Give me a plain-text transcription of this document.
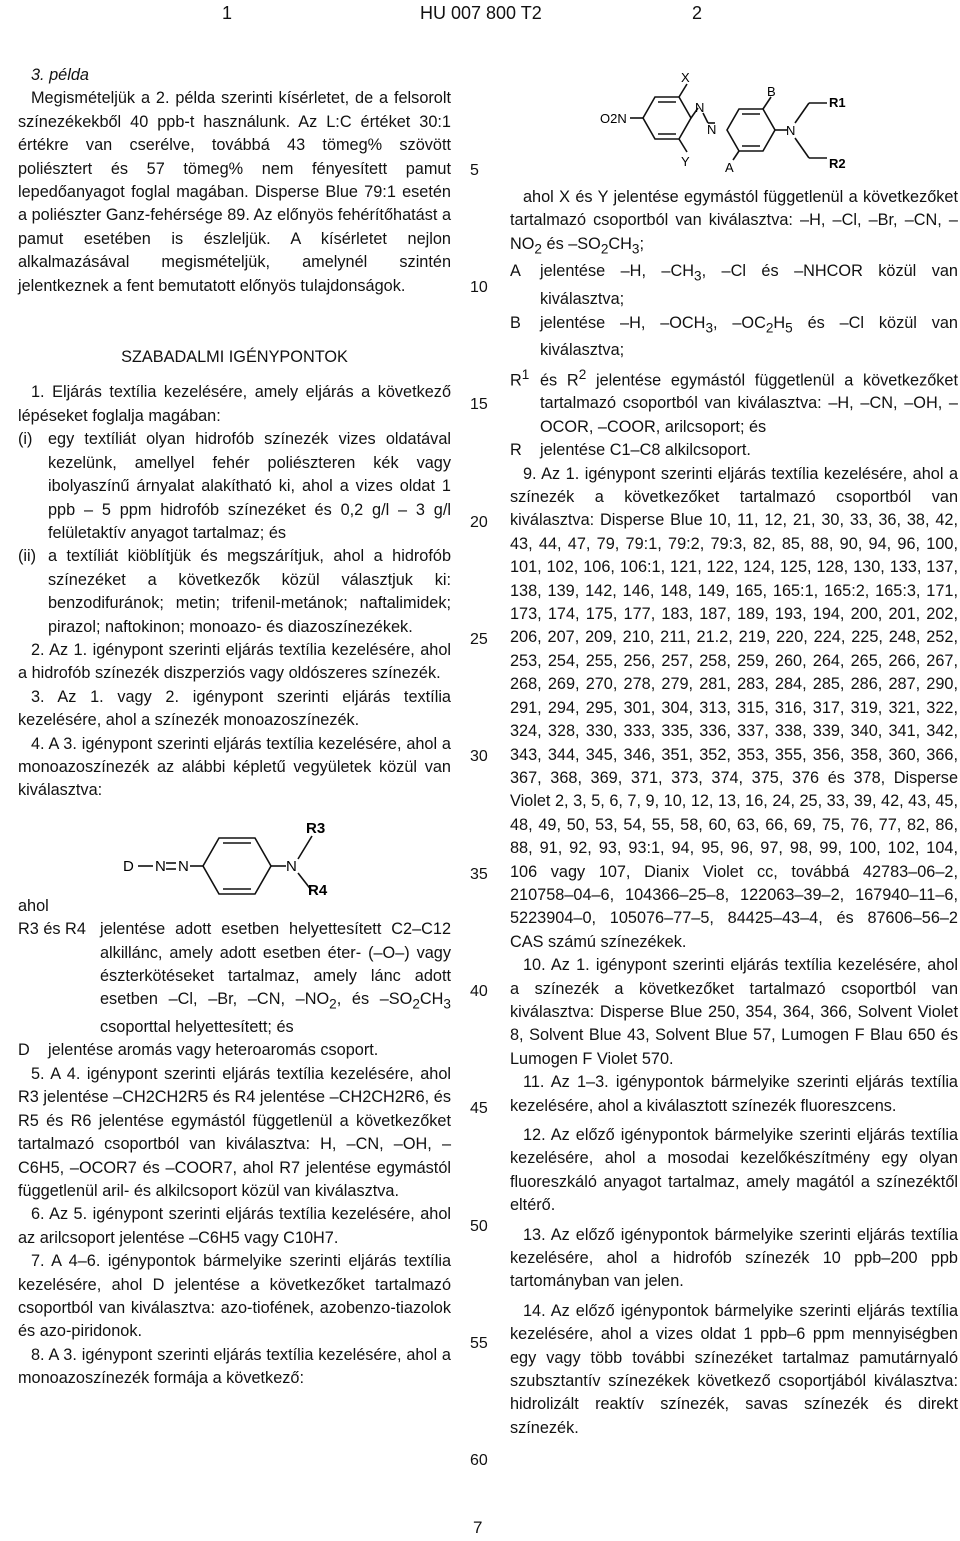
1	HU 007 800 T2	2

3. példa

Megismételjük a 2. példa szerinti kísérletet, de a felsorolt színezékekből 40 ppb-t használunk. Az L:C értéket 30:1 értékre van cserélve, továbbá 43 tömeg% szövött poliésztert és 57 tömeg% nem fényesített pamut lepedőanyagot foglal magában. Disperse Blue 79:1 esetén a poliészter Ganz-fehérsége 89. Az előnyös fehérítőhatást a pamut esetében is észleljük. A kísérletet nejlon alkalmazásával megismételjük, amelynél szintén jelentkeznek a fent bemutatott előnyös tulajdonságok.

SZABADALMI IGÉNYPONTOK

1. Eljárás textília kezelésére, amely eljárás a következő lépéseket foglalja magában:

(i) egy textíliát olyan hidrofób színezék vizes oldatával kezelünk, amellyel fehér poliészteren kék vagy ibolyaszínű árnyalat alakítható ki, ahol a vizes oldat 1 ppb – 5 ppm hidrofób színezéket és 0,2 g/l – 3 g/l felületaktív anyagot tartalmaz; és
(ii) a textíliát kiöblítjük és megszárítjuk, ahol a hidrofób színezéket a következők közül választjuk ki: benzodifuránok; metin; trifenil-metánok; naftalimidek; pirazol; naftokinon; monoazo- és diazoszínezékek.

2. Az 1. igénypont szerinti eljárás textília kezelésére, ahol a hidrofób színezék diszperziós vagy oldószeres színezék.

3. Az 1. vagy 2. igénypont szerinti eljárás textília kezelésére, ahol a színezék monoazoszínezék.

4. A 3. igénypont szerinti eljárás textília kezelésére, ahol a monoazoszínezék az alábbi képletű vegyületek közül van kiválasztva:

D N N	N
R3
R4

ahol

R3 és R4 jelentése adott esetben helyettesített C2–C12 alkillánc, amely adott esetben éter- (–O–) vagy észterkötéseket tartalmaz, amely lánc adott esetben –Cl, –Br, –CN, $-NO_2$, és $-SO_2CH_3$ csoporttal helyettesített; és
D	jelentése aromás vagy heteroaromás csoport.

5. A 4. igénypont szerinti eljárás textília kezelésére, ahol R3 jelentése –CH2CH2R5 és R4 jelentése –CH2CH2R6, és R5 és R6 jelentése egymástól függetlenül a következőket tartalmazó csoportból van kiválasztva: H, –CN, –OH, –C6H5, –OCOR7 és –COOR7, ahol R7 jelentése egymástól függetlenül aril- és alkilcsoport közül van kiválasztva.

6. Az 5. igénypont szerinti eljárás textília kezelésére, ahol az arilcsoport jelentése –C6H5 vagy C10H7.

7. A 4–6. igénypontok bármelyike szerinti eljárás textília kezelésére, ahol D jelentése a következőket tartalmazó csoportból van kiválasztva: azo-tiofének, azobenzo-tiazolok és azo-piridonok.

8. A 3. igénypont szerinti eljárás textília kezelésére, ahol a monoazoszínezék formája a következő:

5
10
15
20
25
30
35
40
45
50
55
60
O2N
X
Y
N
N
B
A
N
R1
R2

ahol X és Y jelentése egymástól függetlenül a következőket tartalmazó csoportból van kiválasztva: –H, –Cl, –Br, –CN, $-NO_2$ és $-SO_2CH_3$;

A	jelentése –H, $-CH_3$, –Cl és –NHCOR közül van kiválasztva;
B	jelentése –H, $-OCH_3$, $-OC_2H_5$ és –Cl közül van kiválasztva;
$R^1$ és $R^2$ jelentése egymástól függetlenül a következőket tartalmazó csoportból van kiválasztva: –H, –CN, –OH, –OCOR, –COOR, arilcsoport; és
R	jelentése C1–C8 alkilcsoport.

9. Az 1. igénypont szerinti eljárás textília kezelésére, ahol a színezék a következőket tartalmazó csoportból van kiválasztva: Disperse Blue 10, 11, 12, 21, 30, 33, 36, 38, 42, 43, 44, 47, 79, 79:1, 79:2, 79:3, 82, 85, 88, 90, 94, 96, 100, 101, 102, 106, 106:1, 121, 122, 124, 125, 128, 130, 133, 137, 138, 139, 142, 146, 148, 149, 165, 165:1, 165:2, 165:3, 171, 173, 174, 175, 177, 183, 187, 189, 193, 194, 200, 201, 202, 206, 207, 209, 210, 211, 21.2, 219, 220, 224, 225, 248, 252, 253, 254, 255, 256, 257, 258, 259, 260, 264, 265, 266, 267, 268, 269, 270, 278, 279, 281, 283, 284, 285, 286, 287, 290, 291, 294, 295, 301, 304, 313, 315, 316, 317, 319, 321, 322, 324, 328, 330, 333, 335, 336, 337, 338, 339, 340, 341, 342, 343, 344, 345, 346, 351, 352, 353, 355, 356, 358, 360, 366, 367, 368, 369, 371, 373, 374, 375, 376 és 378, Disperse Violet 2, 3, 5, 6, 7, 9, 10, 12, 13, 16, 24, 25, 33, 39, 42, 43, 45, 48, 49, 50, 53, 54, 55, 58, 60, 63, 66, 69, 75, 76, 77, 82, 86, 88, 91, 92, 93, 93:1, 94, 95, 96, 97, 98, 99, 100, 102, 104, 106 vagy 107, Dianix Violet cc, továbbá 42783–06–2, 210758–04–6, 104366–25–8, 122063–39–2, 167940–11–6, 5223904–0, 105076–77–5, 84425–43–4, és 87606–56–2 CAS számú színezékek.

10. Az 1. igénypont szerinti eljárás textília kezelésére, ahol a színezék a következőket tartalmazó csoportból van kiválasztva: Disperse Blue 250, 354, 364, 366, Solvent Violet 8, Solvent Blue 43, Solvent Blue 57, Lumogen F Blau 650 és Lumogen F Violet 570.

11. Az 1–3. igénypontok bármelyike szerinti eljárás textília kezelésére, ahol a kiválasztott színezék fluoreszcens.

12. Az előző igénypontok bármelyike szerinti eljárás textília kezelésére, ahol a mosodai kezelőkészítmény egy olyan fluoreszkáló anyagot tartalmaz, amely magától a színezéktől eltérő.

13. Az előző igénypontok bármelyike szerinti eljárás textília kezelésére, ahol a hidrofób színezék 10 ppb–200 ppb tartományban van jelen.

14. Az előző igénypontok bármelyike szerinti eljárás textília kezelésére, ahol a vizes oldat 1 ppb–6 ppm mennyiségben egy vagy több további színezéket tartalmaz pamutárnyaló szubsztantív színezékek következő csoportjából kiválasztva: hidrolizált reaktív színezék, savas színezék és direkt színezék.

7
